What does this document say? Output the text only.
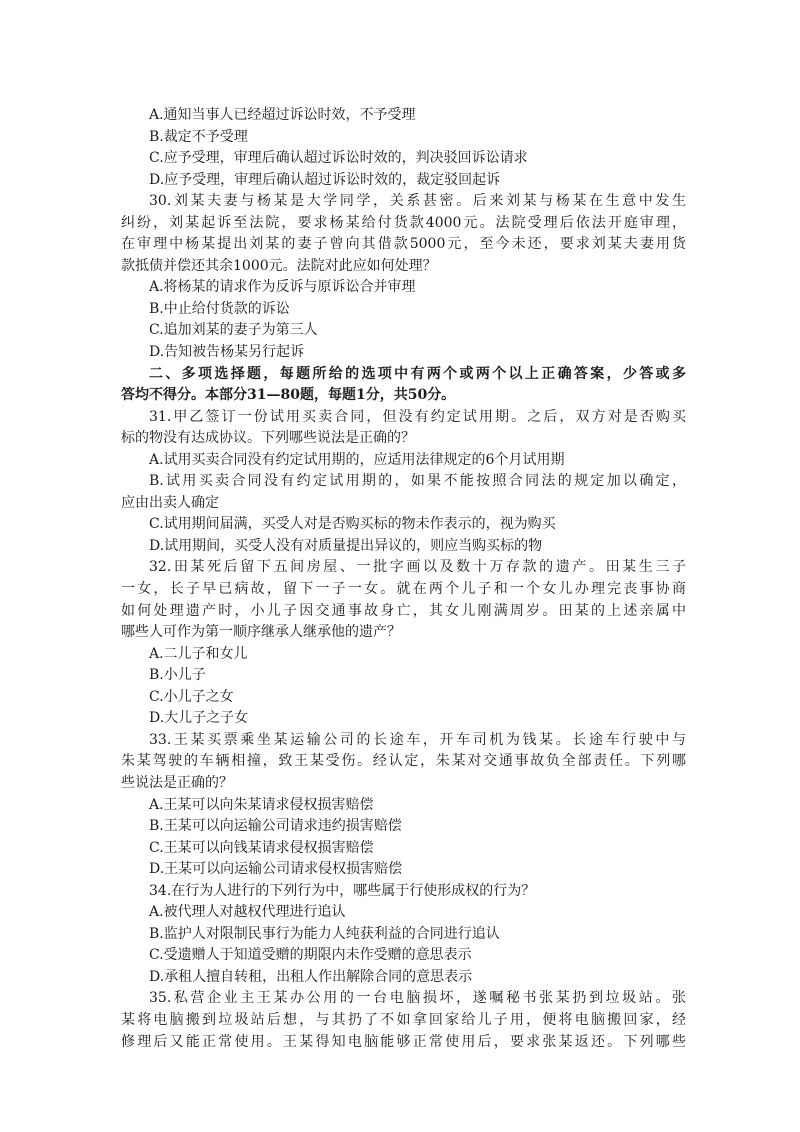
A.通知当事人已经超过诉讼时效，不予受理
B.裁定不予受理
C.应予受理，审理后确认超过诉讼时效的，判决驳回诉讼请求
D.应予受理，审理后确认超过诉讼时效的，裁定驳回起诉
30.刘某夫妻与杨某是大学同学，关系甚密。后来刘某与杨某在生意中发生
纠纷，刘某起诉至法院，要求杨某给付货款4000元。法院受理后依法开庭审理，
在审理中杨某提出刘某的妻子曾向其借款5000元，至今未还，要求刘某夫妻用货
款抵债并偿还其余1000元。法院对此应如何处理？
A.将杨某的请求作为反诉与原诉讼合并审理
B.中止给付货款的诉讼
C.追加刘某的妻子为第三人
D.告知被告杨某另行起诉
二、多项选择题，每题所给的选项中有两个或两个以上正确答案，少答或多
答均不得分。本部分31—80题，每题1分，共50分。
31.甲乙签订一份试用买卖合同，但没有约定试用期。之后，双方对是否购买
标的物没有达成协议。下列哪些说法是正确的？
A.试用买卖合同没有约定试用期的，应适用法律规定的6个月试用期
B.试用买卖合同没有约定试用期的，如果不能按照合同法的规定加以确定，
应由出卖人确定
C.试用期间届满，买受人对是否购买标的物未作表示的，视为购买
D.试用期间，买受人没有对质量提出异议的，则应当购买标的物
32.田某死后留下五间房屋、一批字画以及数十万存款的遗产。田某生三子
一女，长子早已病故，留下一子一女。就在两个儿子和一个女儿办理完丧事协商
如何处理遗产时，小儿子因交通事故身亡，其女儿刚满周岁。田某的上述亲属中
哪些人可作为第一顺序继承人继承他的遗产？
A.二儿子和女儿
B.小儿子
C.小儿子之女
D.大儿子之子女
33.王某买票乘坐某运输公司的长途车，开车司机为钱某。长途车行驶中与
朱某驾驶的车辆相撞，致王某受伤。经认定，朱某对交通事故负全部责任。下列哪
些说法是正确的？
A.王某可以向朱某请求侵权损害赔偿
B.王某可以向运输公司请求违约损害赔偿
C.王某可以向钱某请求侵权损害赔偿
D.王某可以向运输公司请求侵权损害赔偿
34.在行为人进行的下列行为中，哪些属于行使形成权的行为？
A.被代理人对越权代理进行追认
B.监护人对限制民事行为能力人纯获利益的合同进行追认
C.受遗赠人于知道受赠的期限内未作受赠的意思表示
D.承租人擅自转租，出租人作出解除合同的意思表示
35.私营企业主王某办公用的一台电脑损坏，遂嘱秘书张某扔到垃圾站。张
某将电脑搬到垃圾站后想，与其扔了不如拿回家给儿子用，便将电脑搬回家，经
修理后又能正常使用。王某得知电脑能够正常使用后，要求张某返还。下列哪些
